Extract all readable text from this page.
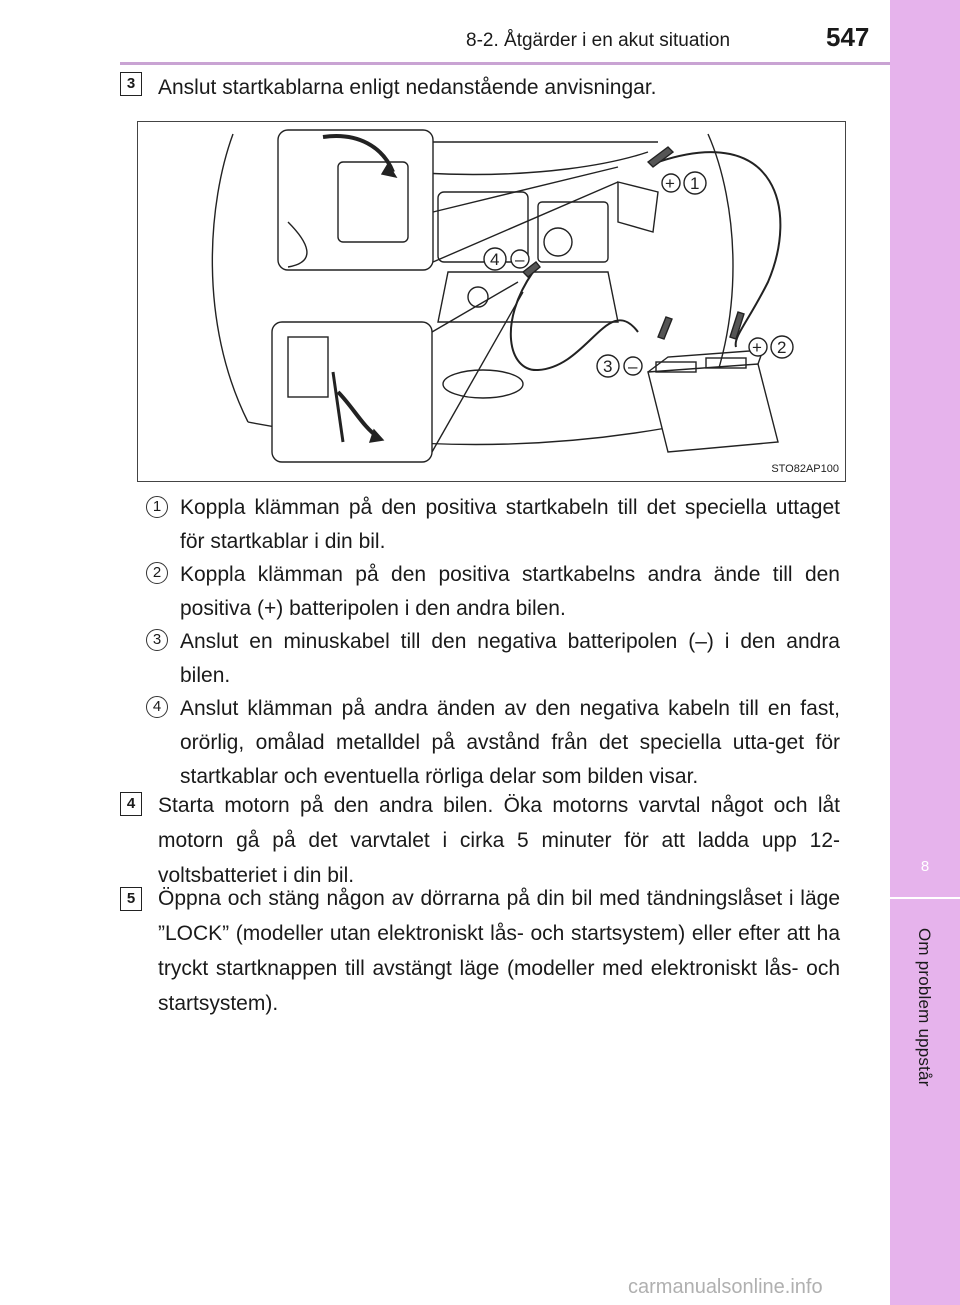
8
Om problem uppstår
8-2. Åtgärder i en akut situation	547
3	Anslut startkablarna enligt nedanstående anvisningar.
+ 1
+ 2
3 –
4 –
STO82AP100
1 Koppla klämman på den positiva startkabeln till det speciella uttaget för startkablar i din bil.
2 Koppla klämman på den positiva startkabelns andra ände till den positiva (+) batteripolen i den andra bilen.
3 Anslut en minuskabel till den negativa batteripolen (–) i den andra bilen.
4 Anslut klämman på andra änden av den negativa kabeln till en fast, orörlig, omålad metalldel på avstånd från det speciella utta-get för startkablar och eventuella rörliga delar som bilden visar.
4	Starta motorn på den andra bilen. Öka motorns varvtal något och låt motorn gå på det varvtalet i cirka 5 minuter för att ladda upp 12-voltsbatteriet i din bil.
5	Öppna och stäng någon av dörrarna på din bil med tändningslåset i läge ”LOCK” (modeller utan elektroniskt lås- och startsystem) eller efter att ha tryckt startknappen till avstängt läge (modeller med elektroniskt lås- och startsystem).
carmanualsonline.info
